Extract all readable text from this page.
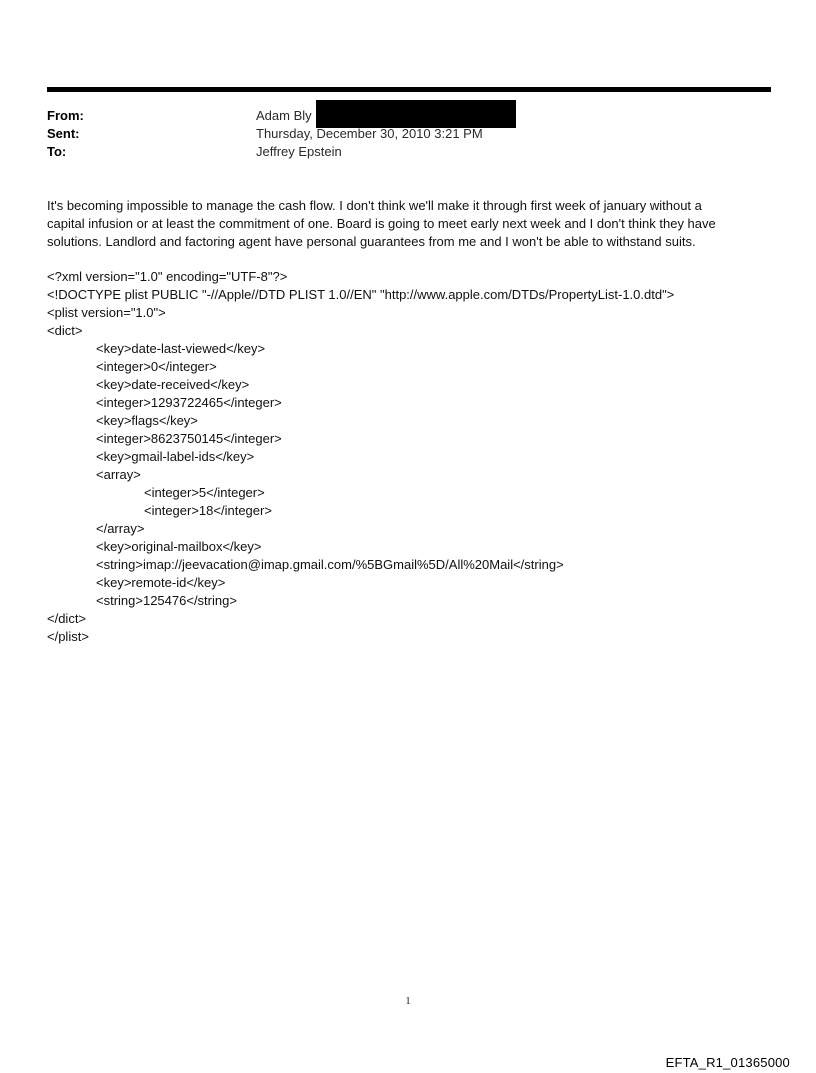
From:	Adam Bly
Sent:	Thursday, December 30, 2010 3:21 PM
To:	Jeffrey Epstein
It's becoming impossible to manage the cash flow. I don't think we'll make it through first week of january without a
capital infusion or at least the commitment of one. Board is going to meet early next week and I don't think they have
solutions. Landlord and factoring agent have personal guarantees from me and I won't be able to withstand suits.
<?xml version="1.0" encoding="UTF-8"?>
<!DOCTYPE plist PUBLIC "-//Apple//DTD PLIST 1.0//EN" "http://www.apple.com/DTDs/PropertyList-1.0.dtd">
<plist version="1.0">
<dict>
<key>date-last-viewed</key>
<integer>0</integer>
<key>date-received</key>
<integer>1293722465</integer>
<key>flags</key>
<integer>8623750145</integer>
<key>gmail-label-ids</key>
<array>
<integer>5</integer>
<integer>18</integer>
</array>
<key>original-mailbox</key>
<string>imap://jeevacation@imap.gmail.com/%5BGmail%5D/All%20Mail</string>
<key>remote-id</key>
<string>125476</string>
</dict>
</plist>
1
EFTA_R1_01365000
